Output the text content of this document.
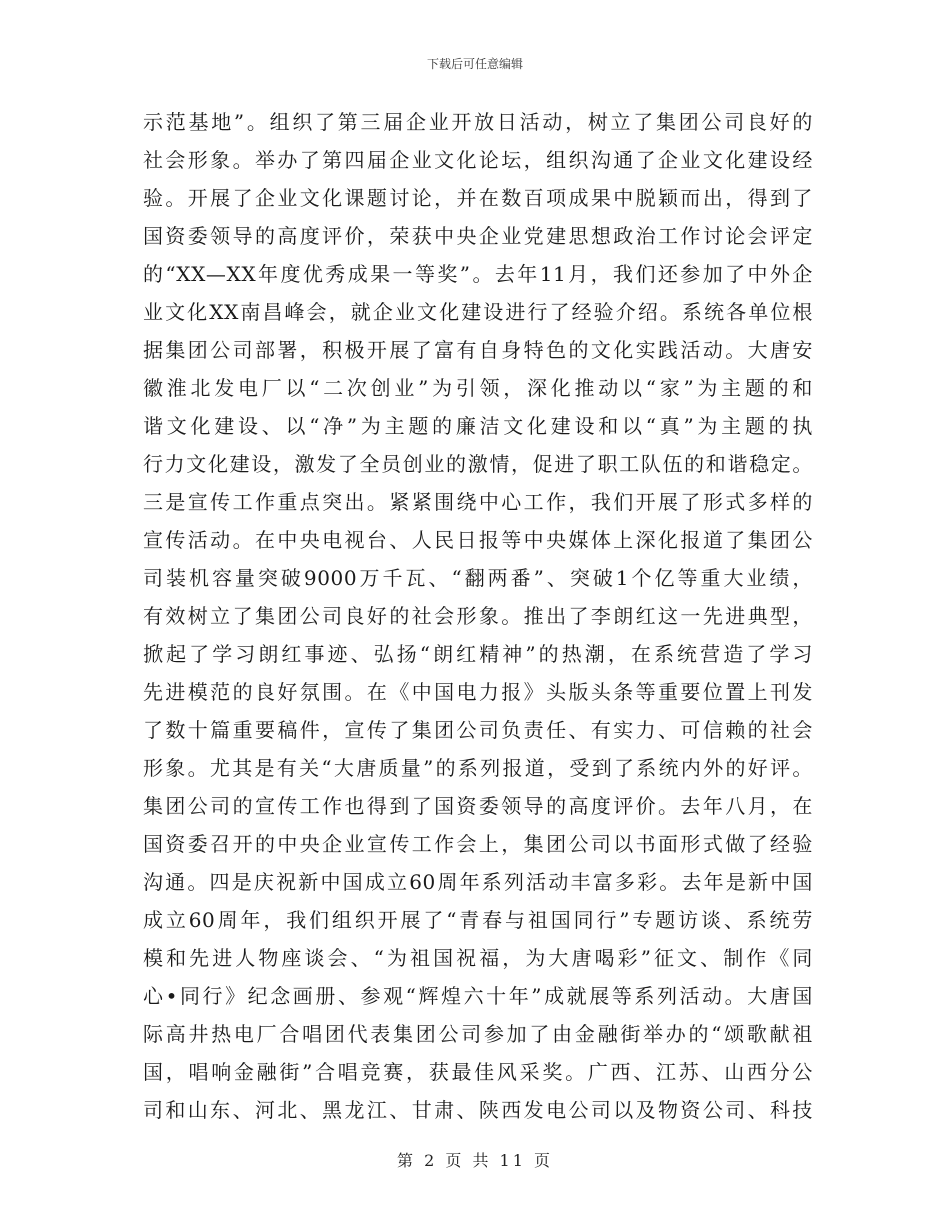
下载后可任意编辑
示范基地”。组织了第三届企业开放日活动，树立了集团公司良好的
社会形象。举办了第四届企业文化论坛，组织沟通了企业文化建设经
验。开展了企业文化课题讨论，并在数百项成果中脱颖而出，得到了
国资委领导的高度评价，荣获中央企业党建思想政治工作讨论会评定
的“XX—XX年度优秀成果一等奖”。去年11月，我们还参加了中外企
业文化XX南昌峰会，就企业文化建设进行了经验介绍。系统各单位根
据集团公司部署，积极开展了富有自身特色的文化实践活动。大唐安
徽淮北发电厂以“二次创业”为引领，深化推动以“家”为主题的和
谐文化建设、以“净”为主题的廉洁文化建设和以“真”为主题的执
行力文化建设，激发了全员创业的激情，促进了职工队伍的和谐稳定。
三是宣传工作重点突出。紧紧围绕中心工作，我们开展了形式多样的
宣传活动。在中央电视台、人民日报等中央媒体上深化报道了集团公
司装机容量突破9000万千瓦、“翻两番”、突破1个亿等重大业绩，
有效树立了集团公司良好的社会形象。推出了李朗红这一先进典型，
掀起了学习朗红事迹、弘扬“朗红精神”的热潮，在系统营造了学习
先进模范的良好氛围。在《中国电力报》头版头条等重要位置上刊发
了数十篇重要稿件，宣传了集团公司负责任、有实力、可信赖的社会
形象。尤其是有关“大唐质量”的系列报道，受到了系统内外的好评。
集团公司的宣传工作也得到了国资委领导的高度评价。去年八月，在
国资委召开的中央企业宣传工作会上，集团公司以书面形式做了经验
沟通。四是庆祝新中国成立60周年系列活动丰富多彩。去年是新中国
成立60周年，我们组织开展了“青春与祖国同行”专题访谈、系统劳
模和先进人物座谈会、“为祖国祝福，为大唐喝彩”征文、制作《同
心•同行》纪念画册、参观“辉煌六十年”成就展等系列活动。大唐国
际高井热电厂合唱团代表集团公司参加了由金融街举办的“颂歌献祖
国，唱响金融街”合唱竞赛，获最佳风采奖。广西、江苏、山西分公
司和山东、河北、黑龙江、甘肃、陕西发电公司以及物资公司、科技
第 2 页 共 11 页
